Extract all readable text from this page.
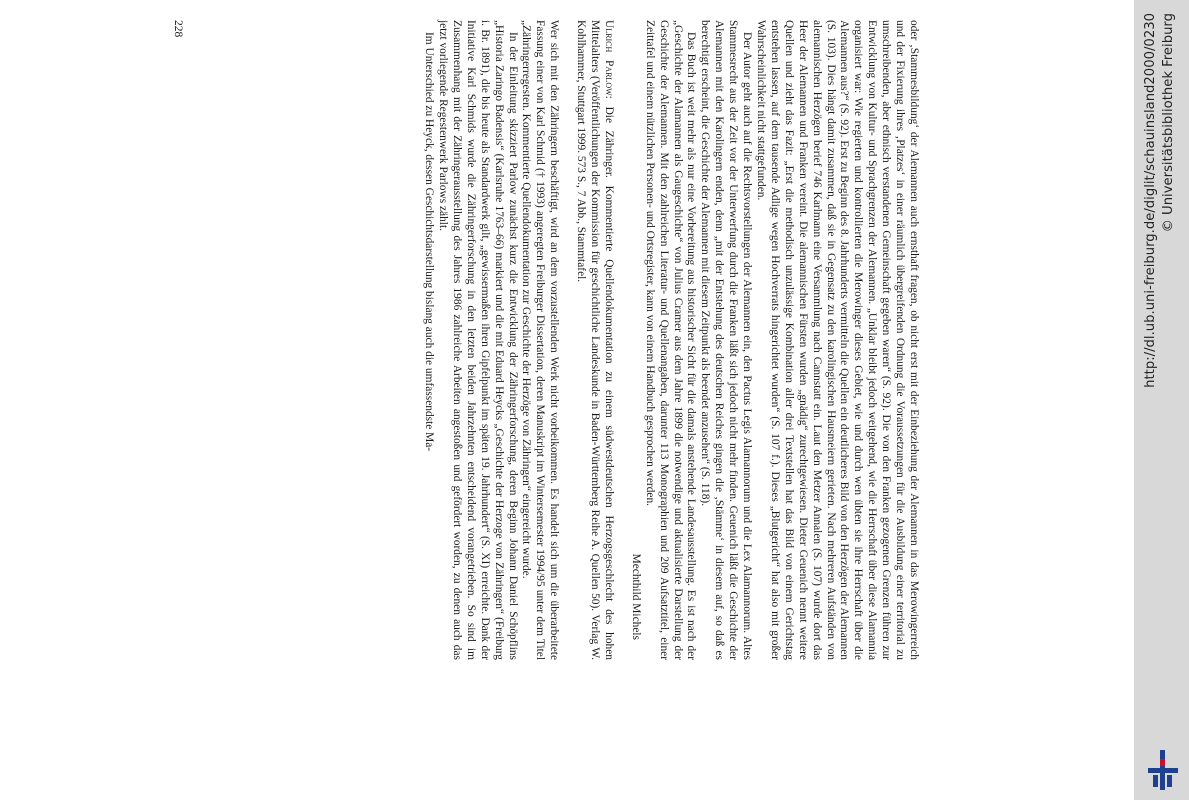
oder ‚Stammesbildung‘ der Alemannen auch ernsthaft fragen, ob nicht erst mit der Einbeziehung der Alemannen in das Merowingerreich und der Fixierung ihres ‚Platzes‘ in einer räumlich übergreifenden Ordnung die Voraussetzungen für die Ausbildung einer territorial zu umschreibenden, aber ethnisch verstandenen Gemeinschaft gegeben waren“ (S. 92). Die von den Franken gezogenen Grenzen führen zur Entwicklung von Kultur- und Sprachgrenzen der Alemannen. „Unklar bleibt jedoch weitgehend, wie die Herrschaft über diese Alamannia organisiert war: Wie regierten und kontrollierten die Merowinger dieses Gebiet, wie und durch wen übten sie ihre Herrschaft über die Alemannen aus?“ (S. 92). Erst zu Beginn des 8. Jahrhunderts vermitteln die Quellen ein deutlicheres Bild von den Herzögen der Alemannen (S. 103). Dies hängt damit zusammen, daß sie in Gegensatz zu den karolingischen Hausmeiern gerieten. Nach mehreren Aufständen von alemannischen Herzögen berief 746 Karlmann eine Versammlung nach Cannstatt ein. Laut den Metzer Annalen (S. 107) wurde dort das Heer der Alemannen und Franken vereint. Die alemannischen Fürsten wurden „gnädig“ zurechtgewiesen. Dieter Geuenich nennt weitere Quellen und zieht das Fazit: „Erst die methodisch unzulässige Kombination aller drei Textstellen hat das Bild von einem Gerichtstag entstehen lassen, auf dem tausende Adlige wegen Hochverrats hingerichtet wurden“ (S. 107 f.). Dieses „Blutgericht“ hat also mit großer Wahrscheinlichkeit nicht stattgefunden.

Der Autor geht auch auf die Rechtsvorstellungen der Alemannen ein, den Pactus Legis Alamannorum und die Lex Alamannorum. Altes Stammesrecht aus der Zeit vor der Unterwerfung durch die Franken läßt sich jedoch nicht mehr finden. Geuenich läßt die Geschichte der Alemannen mit den Karolingern enden, denn „mit der Entstehung des deutschen Reiches gingen die ‚Stämme‘ in diesem auf, so daß es berechtigt erscheint, die Geschichte der Alemannen mit diesem Zeitpunkt als beendet anzusehen“ (S. 118).

Das Buch ist weit mehr als nur eine Vorbereitung aus historischer Sicht für die damals anstehende Landesausstellung. Es ist nach der „Geschichte der Alamannen als Gaugeschichte“ von Julius Cramer aus dem Jahre 1899 die notwendige und aktualisierte Darstellung der Geschichte der Alemannen. Mit den zahlreichen Literatur- und Quellenangaben, darunter 113 Monographien und 209 Aufsatztitel, einer Zeittafel und einem nützlichen Personen- und Ortsregister, kann von einem Handbuch gesprochen werden.

Mechthild Michels

Ulrich Parlow: Die Zähringer. Kommentierte Quellendokumentation zu einem südwestdeutschen Herzogsgeschlecht des hohen Mittelalters (Veröffentlichungen der Kommission für geschichtliche Landeskunde in Baden-Württemberg Reihe A. Quellen 50). Verlag W. Kohlhammer, Stuttgart 1999. 573 S., 7 Abb., Stammtafel.

Wer sich mit den Zähringern beschäftigt, wird an dem vorzustellenden Werk nicht vorbeikommen. Es handelt sich um die überarbeitete Fassung einer von Karl Schmid († 1993) angeregten Freiburger Dissertation, deren Manuskript im Wintersemester 1994/95 unter dem Titel „Zähringerregesten. Kommentierte Quellendokumentation zur Geschichte der Herzöge von Zähringen“ eingereicht wurde.

In der Einleitung skizziert Parlow zunächst kurz die Entwicklung der Zähringerforschung, deren Beginn Johann Daniel Schöpflins „Historia Zaringo Badensis“ (Karlsruhe 1763–66) markiert und die mit Eduard Heycks „Geschichte der Herzoge von Zähringen“ (Freiburg i. Br. 1891), die bis heute als Standardwerk gilt, „gewissermaßen ihren Gipfelpunkt im späten 19. Jahrhundert“ (S. XI) erreichte. Dank der Initiative Karl Schmids wurde die Zähringerforschung in den letzten beiden Jahrzehnten entscheidend vorangetrieben. So sind im Zusammenhang mit der Zähringerausstellung des Jahres 1986 zahlreiche Arbeiten angestoßen und gefördert worden, zu denen auch das jetzt vorliegende Regestenwerk Parlows zählt.

Im Unterschied zu Heyck, dessen Geschichtsdarstellung bislang auch die umfassendste Ma-

228	http://dl.ub.uni-freiburg.de/diglit/schauinsland2000/0230 © Universitätsbibliothek Freiburg
